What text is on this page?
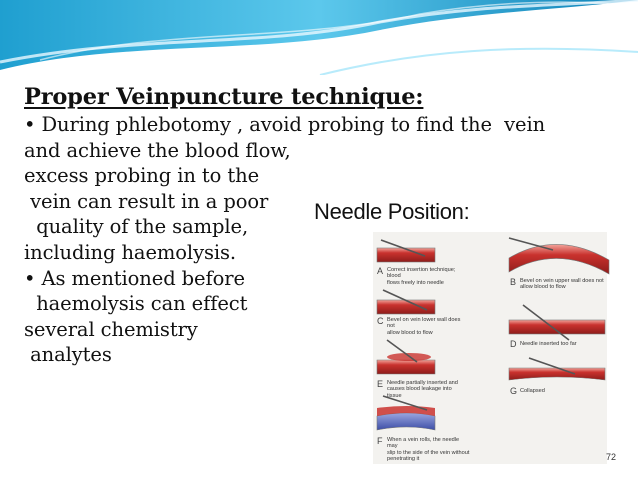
Proper Veinpuncture technique:

• During phlebotomy , avoid probing to find the  vein

and achieve the blood flow,

excess probing in to the

vein can result in a poor

quality of the sample,

including haemolysis.

• As mentioned before

haemolysis can effect

several chemistry

analytes

Needle Position:
A Correct insertion technique; blood
flows freely into needle	B Bevel on vein upper wall does not
allow blood to flow
C Bevel on vein lower wall does not
allow blood to flow
D Needle inserted too far
E Needle partially inserted and
causes blood leakage into tissue	G Collapsed
F When a vein rolls, the needle may
slip to the side of the vein without
penetrating it	72
